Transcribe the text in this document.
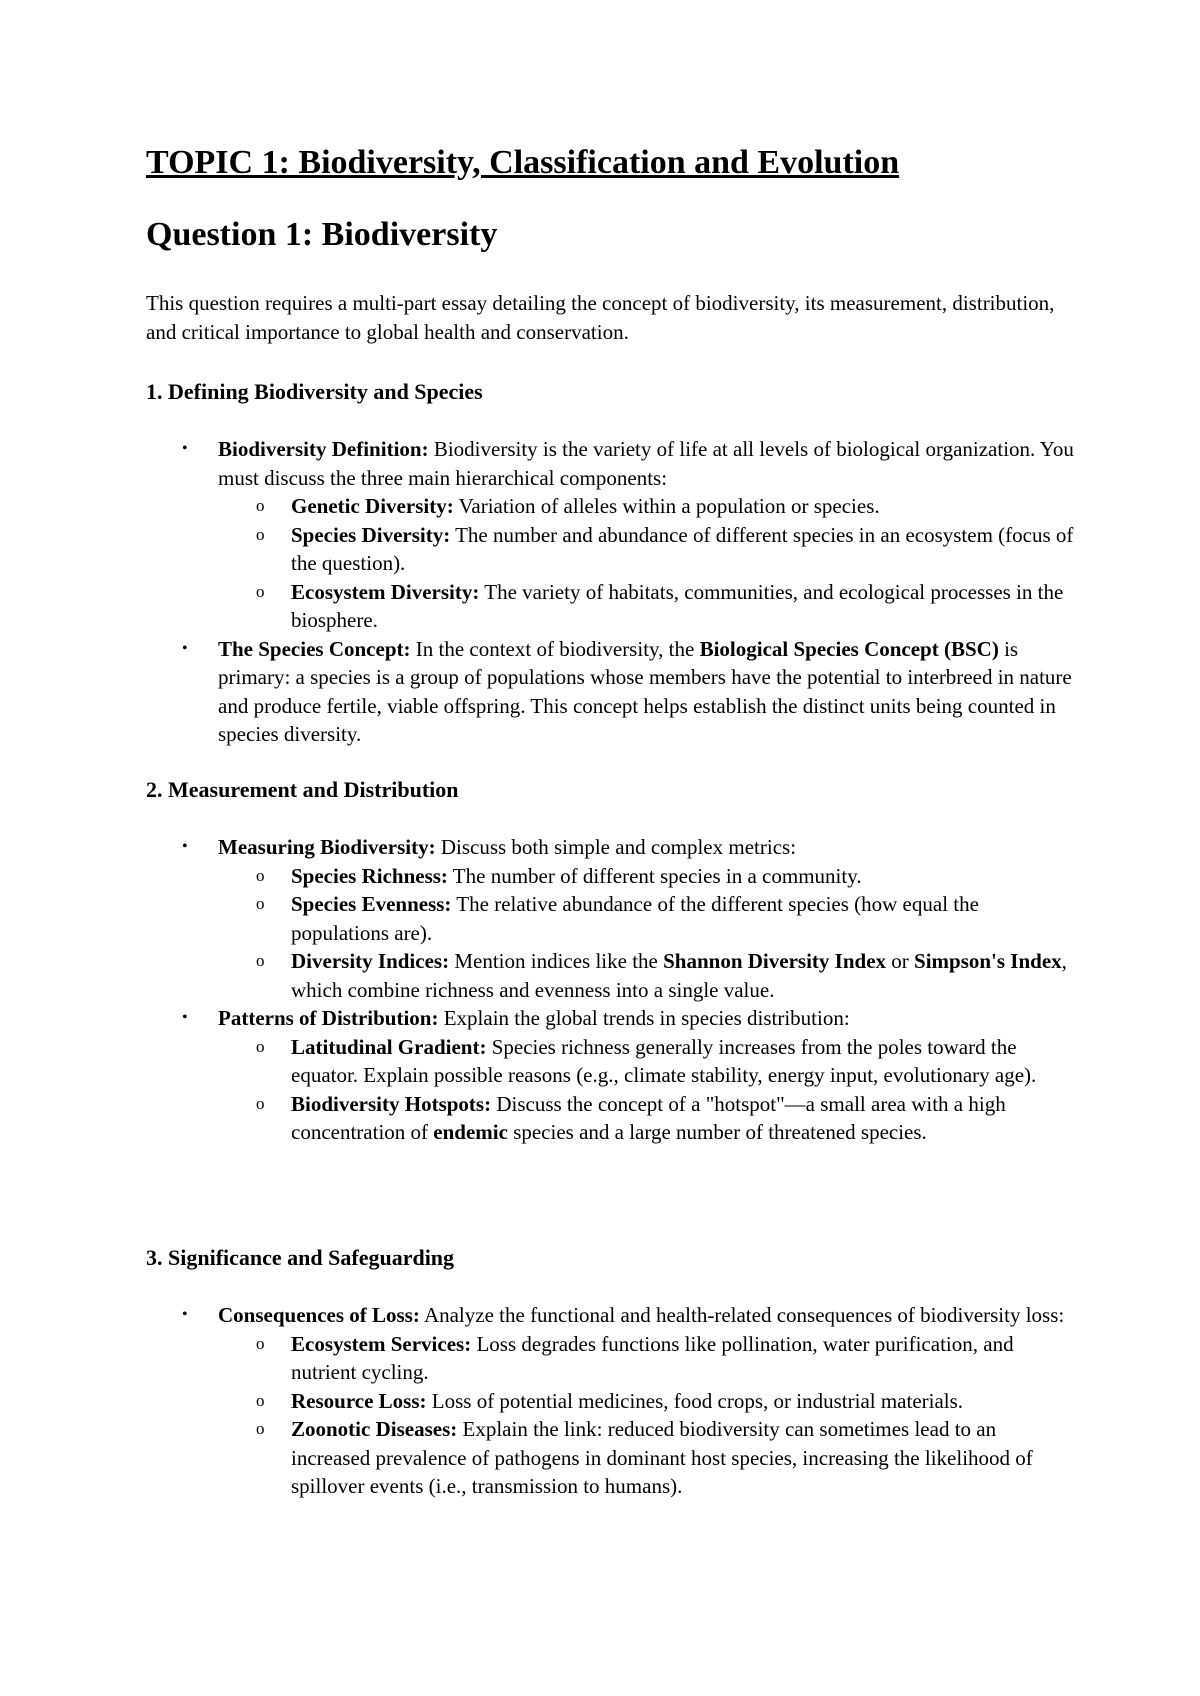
TOPIC 1: Biodiversity, Classification and Evolution
Question 1: Biodiversity

This question requires a multi-part essay detailing the concept of biodiversity, its measurement, distribution, and critical importance to global health and conservation.

1. Defining Biodiversity and Species
• Biodiversity Definition: Biodiversity is the variety of life at all levels of biological organization. You must discuss the three main hierarchical components:
o Genetic Diversity: Variation of alleles within a population or species.
o Species Diversity: The number and abundance of different species in an ecosystem (focus of the question).
o Ecosystem Diversity: The variety of habitats, communities, and ecological processes in the biosphere.
• The Species Concept: In the context of biodiversity, the Biological Species Concept (BSC) is primary: a species is a group of populations whose members have the potential to interbreed in nature and produce fertile, viable offspring. This concept helps establish the distinct units being counted in species diversity.
2. Measurement and Distribution
• Measuring Biodiversity: Discuss both simple and complex metrics:
o Species Richness: The number of different species in a community.
o Species Evenness: The relative abundance of the different species (how equal the populations are).
o Diversity Indices: Mention indices like the Shannon Diversity Index or Simpson's Index, which combine richness and evenness into a single value.
• Patterns of Distribution: Explain the global trends in species distribution:
o Latitudinal Gradient: Species richness generally increases from the poles toward the equator. Explain possible reasons (e.g., climate stability, energy input, evolutionary age).
o Biodiversity Hotspots: Discuss the concept of a "hotspot"—a small area with a high concentration of endemic species and a large number of threatened species.
3. Significance and Safeguarding
• Consequences of Loss: Analyze the functional and health-related consequences of biodiversity loss:
o Ecosystem Services: Loss degrades functions like pollination, water purification, and nutrient cycling.
o Resource Loss: Loss of potential medicines, food crops, or industrial materials.
o Zoonotic Diseases: Explain the link: reduced biodiversity can sometimes lead to an increased prevalence of pathogens in dominant host species, increasing the likelihood of spillover events (i.e., transmission to humans).
